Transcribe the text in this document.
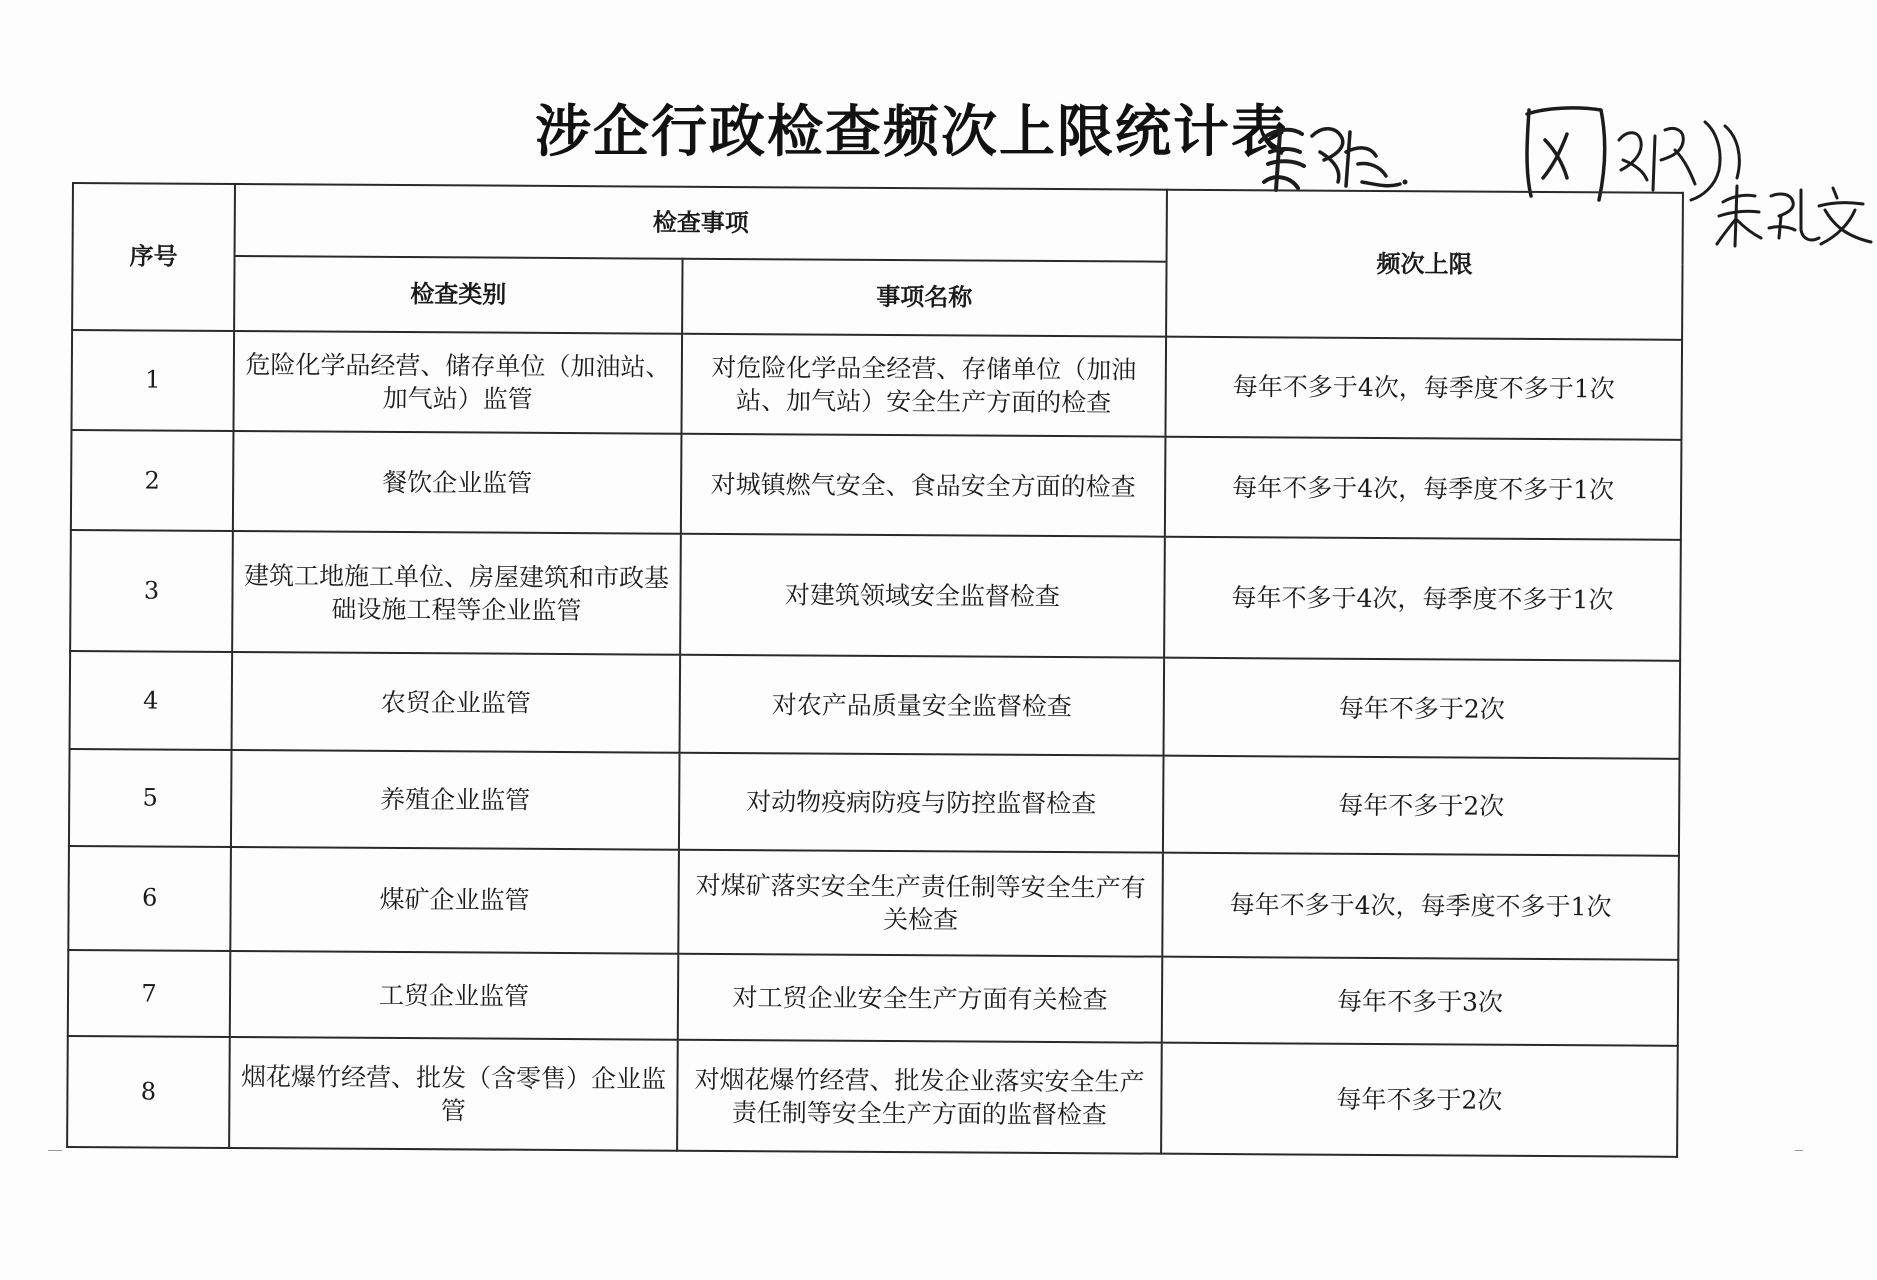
涉企行政检查频次上限统计表
序号	检查事项		频次上限
	检查类别	事项名称	
1	危险化学品经营、储存单位（加油站、加气站）监管	对危险化学品全经营、存储单位（加油站、加气站）安全生产方面的检查	每年不多于4次，每季度不多于1次
2	餐饮企业监管	对城镇燃气安全、食品安全方面的检查	每年不多于4次，每季度不多于1次
3	建筑工地施工单位、房屋建筑和市政基础设施工程等企业监管	对建筑领域安全监督检查	每年不多于4次，每季度不多于1次
4	农贸企业监管	对农产品质量安全监督检查	每年不多于2次
5	养殖企业监管	对动物疫病防疫与防控监督检查	每年不多于2次
6	煤矿企业监管	对煤矿落实安全生产责任制等安全生产有关检查	每年不多于4次，每季度不多于1次
7	工贸企业监管	对工贸企业安全生产方面有关检查	每年不多于3次
8	烟花爆竹经营、批发（含零售）企业监管	对烟花爆竹经营、批发企业落实安全生产责任制等安全生产方面的监督检查	每年不多于2次
